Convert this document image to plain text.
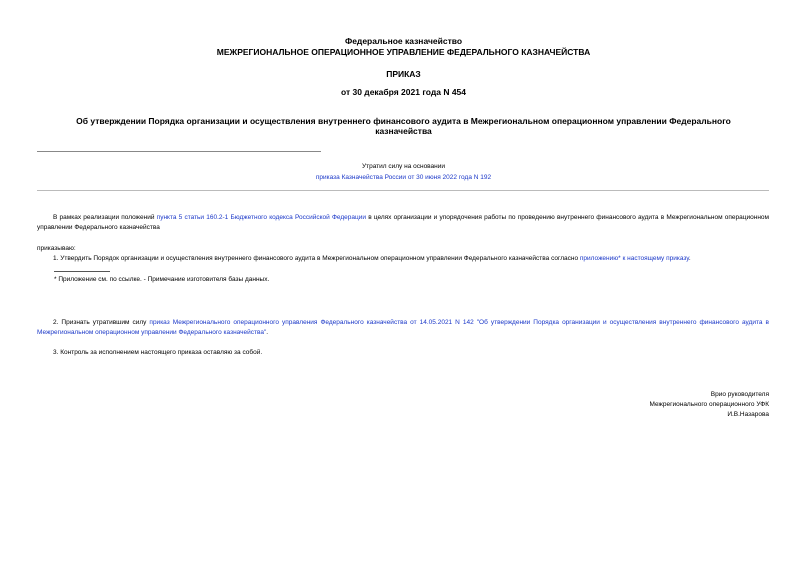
Федеральное казначейство
МЕЖРЕГИОНАЛЬНОЕ ОПЕРАЦИОННОЕ УПРАВЛЕНИЕ ФЕДЕРАЛЬНОГО КАЗНАЧЕЙСТВА
ПРИКАЗ
от 30 декабря 2021 года N 454
Об утверждении Порядка организации и осуществления внутреннего финансового аудита в Межрегиональном операционном управлении Федерального казначейства
Утратил силу на основании
приказа Казначейства России от 30 июня 2022 года N 192
В рамках реализации положений пункта 5 статьи 160.2-1 Бюджетного кодекса Российской Федерации в целях организации и упорядочения работы по проведению внутреннего финансового аудита в Межрегиональном операционном управлении Федерального казначейства
приказываю:
1. Утвердить Порядок организации и осуществления внутреннего финансового аудита в Межрегиональном операционном управлении Федерального казначейства согласно приложению* к настоящему приказу.
* Приложение см. по ссылке. - Примечание изготовителя базы данных.
2. Признать утратившим силу приказ Межрегионального операционного управления Федерального казначейства от 14.05.2021 N 142 "Об утверждении Порядка организации и осуществления внутреннего финансового аудита в Межрегиональном операционном управлении Федерального казначейства".
3. Контроль за исполнением настоящего приказа оставляю за собой.
Врио руководителя
Межрегионального операционного УФК
И.В.Назарова
